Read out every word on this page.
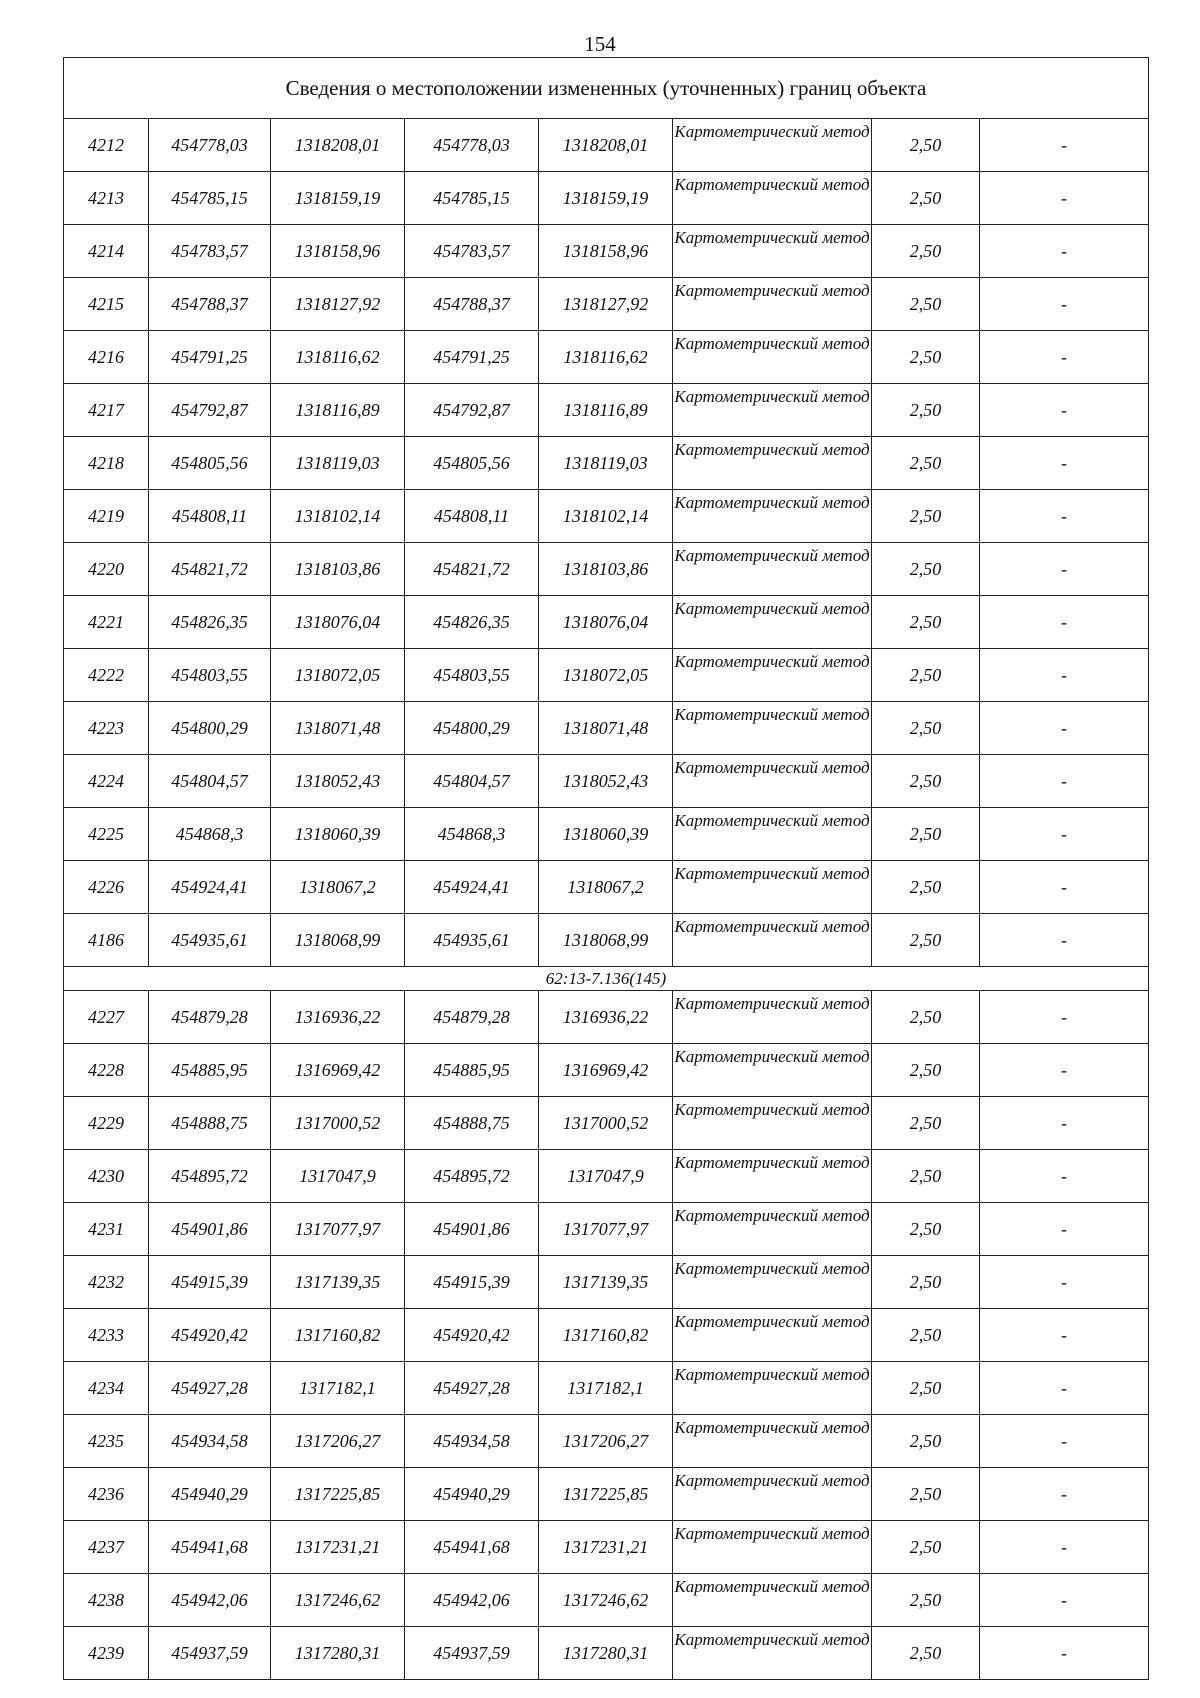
154
Сведения о местоположении измененных (уточненных) границ объекта							
4212	454778,03	1318208,01	454778,03	1318208,01	Картометрический метод	2,50	-
4213	454785,15	1318159,19	454785,15	1318159,19	Картометрический метод	2,50	-
4214	454783,57	1318158,96	454783,57	1318158,96	Картометрический метод	2,50	-
4215	454788,37	1318127,92	454788,37	1318127,92	Картометрический метод	2,50	-
4216	454791,25	1318116,62	454791,25	1318116,62	Картометрический метод	2,50	-
4217	454792,87	1318116,89	454792,87	1318116,89	Картометрический метод	2,50	-
4218	454805,56	1318119,03	454805,56	1318119,03	Картометрический метод	2,50	-
4219	454808,11	1318102,14	454808,11	1318102,14	Картометрический метод	2,50	-
4220	454821,72	1318103,86	454821,72	1318103,86	Картометрический метод	2,50	-
4221	454826,35	1318076,04	454826,35	1318076,04	Картометрический метод	2,50	-
4222	454803,55	1318072,05	454803,55	1318072,05	Картометрический метод	2,50	-
4223	454800,29	1318071,48	454800,29	1318071,48	Картометрический метод	2,50	-
4224	454804,57	1318052,43	454804,57	1318052,43	Картометрический метод	2,50	-
4225	454868,3	1318060,39	454868,3	1318060,39	Картометрический метод	2,50	-
4226	454924,41	1318067,2	454924,41	1318067,2	Картометрический метод	2,50	-
4186	454935,61	1318068,99	454935,61	1318068,99	Картометрический метод	2,50	-
62:13-7.136(145)							
4227	454879,28	1316936,22	454879,28	1316936,22	Картометрический метод	2,50	-
4228	454885,95	1316969,42	454885,95	1316969,42	Картометрический метод	2,50	-
4229	454888,75	1317000,52	454888,75	1317000,52	Картометрический метод	2,50	-
4230	454895,72	1317047,9	454895,72	1317047,9	Картометрический метод	2,50	-
4231	454901,86	1317077,97	454901,86	1317077,97	Картометрический метод	2,50	-
4232	454915,39	1317139,35	454915,39	1317139,35	Картометрический метод	2,50	-
4233	454920,42	1317160,82	454920,42	1317160,82	Картометрический метод	2,50	-
4234	454927,28	1317182,1	454927,28	1317182,1	Картометрический метод	2,50	-
4235	454934,58	1317206,27	454934,58	1317206,27	Картометрический метод	2,50	-
4236	454940,29	1317225,85	454940,29	1317225,85	Картометрический метод	2,50	-
4237	454941,68	1317231,21	454941,68	1317231,21	Картометрический метод	2,50	-
4238	454942,06	1317246,62	454942,06	1317246,62	Картометрический метод	2,50	-
4239	454937,59	1317280,31	454937,59	1317280,31	Картометрический метод	2,50	-
